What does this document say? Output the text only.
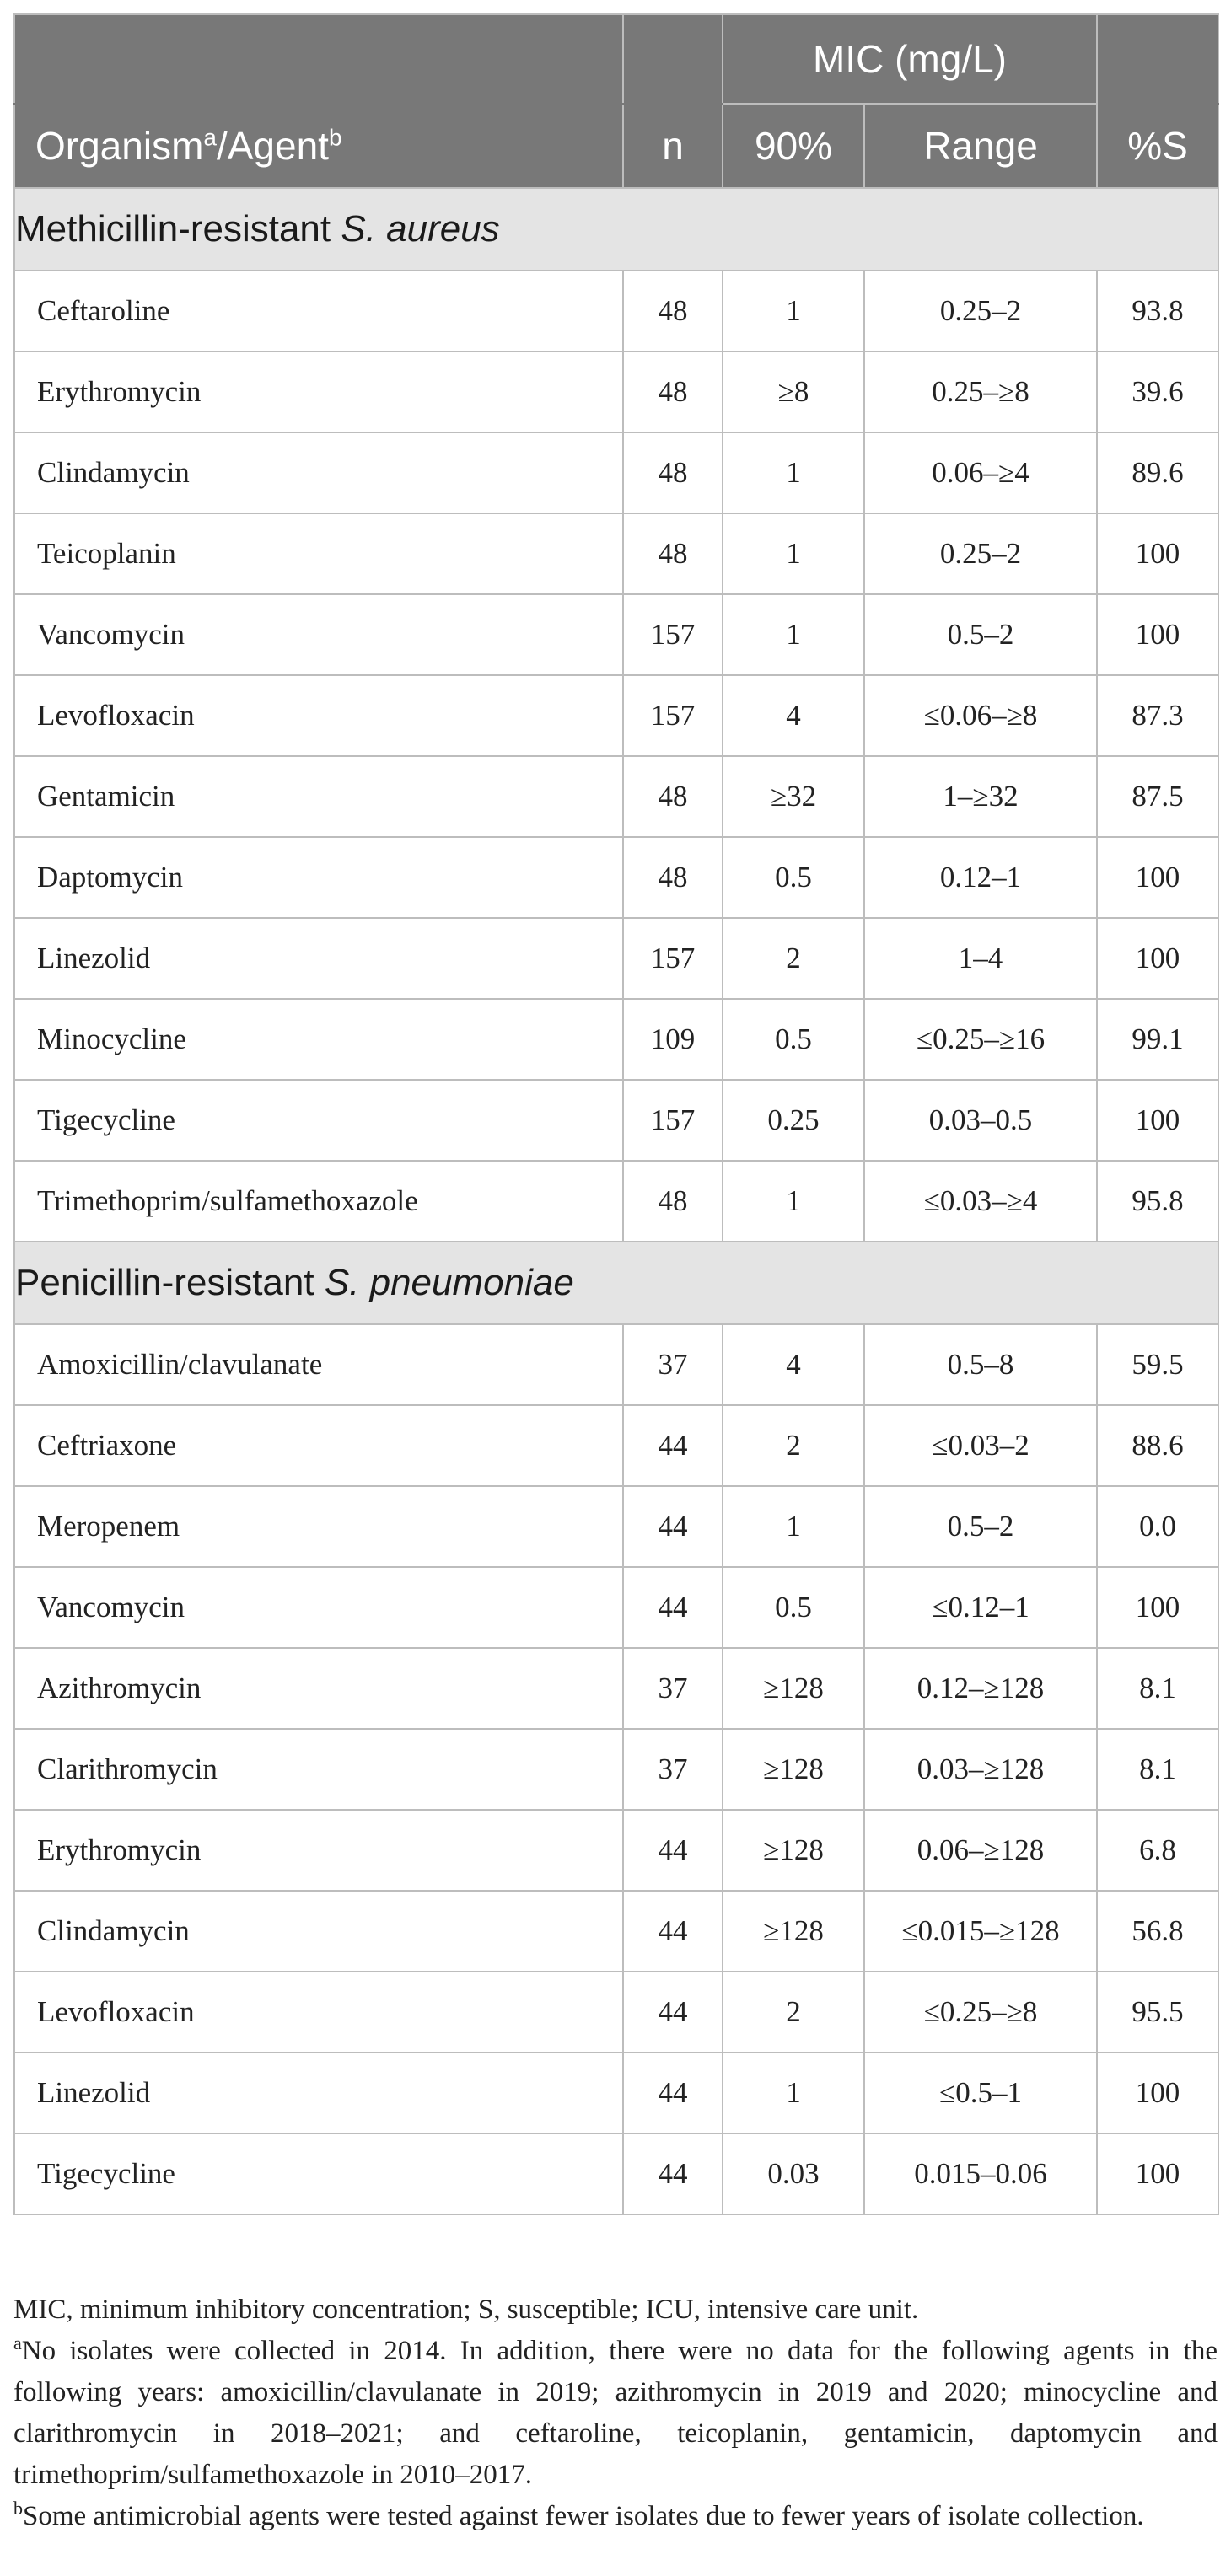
		MIC (mg/L)		
Organism$^a$/Agent$^b$	n	90%	Range	%S
Methicillin-resistant S. aureus				
Ceftaroline	48	1	0.25–2	93.8
Erythromycin	48	≥8	0.25–≥8	39.6
Clindamycin	48	1	0.06–≥4	89.6
Teicoplanin	48	1	0.25–2	100
Vancomycin	157	1	0.5–2	100
Levofloxacin	157	4	≤0.06–≥8	87.3
Gentamicin	48	≥32	1–≥32	87.5
Daptomycin	48	0.5	0.12–1	100
Linezolid	157	2	1–4	100
Minocycline	109	0.5	≤0.25–≥16	99.1
Tigecycline	157	0.25	0.03–0.5	100
Trimethoprim/sulfamethoxazole	48	1	≤0.03–≥4	95.8
Penicillin-resistant S. pneumoniae				
Amoxicillin/clavulanate	37	4	0.5–8	59.5
Ceftriaxone	44	2	≤0.03–2	88.6
Meropenem	44	1	0.5–2	0.0
Vancomycin	44	0.5	≤0.12–1	100
Azithromycin	37	≥128	0.12–≥128	8.1
Clarithromycin	37	≥128	0.03–≥128	8.1
Erythromycin	44	≥128	0.06–≥128	6.8
Clindamycin	44	≥128	≤0.015–≥128	56.8
Levofloxacin	44	2	≤0.25–≥8	95.5
Linezolid	44	1	≤0.5–1	100
Tigecycline	44	0.03	0.015–0.06	100

MIC, minimum inhibitory concentration; S, susceptible; ICU, intensive care unit.

$^a$No isolates were collected in 2014. In addition, there were no data for the following agents in the following years: amoxicillin/clavulanate in 2019; azithromycin in 2019 and 2020; minocycline and clarithromycin in 2018–2021; and ceftaroline, teicoplanin, gentamicin, daptomycin and trimethoprim/sulfamethoxazole in 2010–2017.

$^b$Some antimicrobial agents were tested against fewer isolates due to fewer years of isolate collection.
